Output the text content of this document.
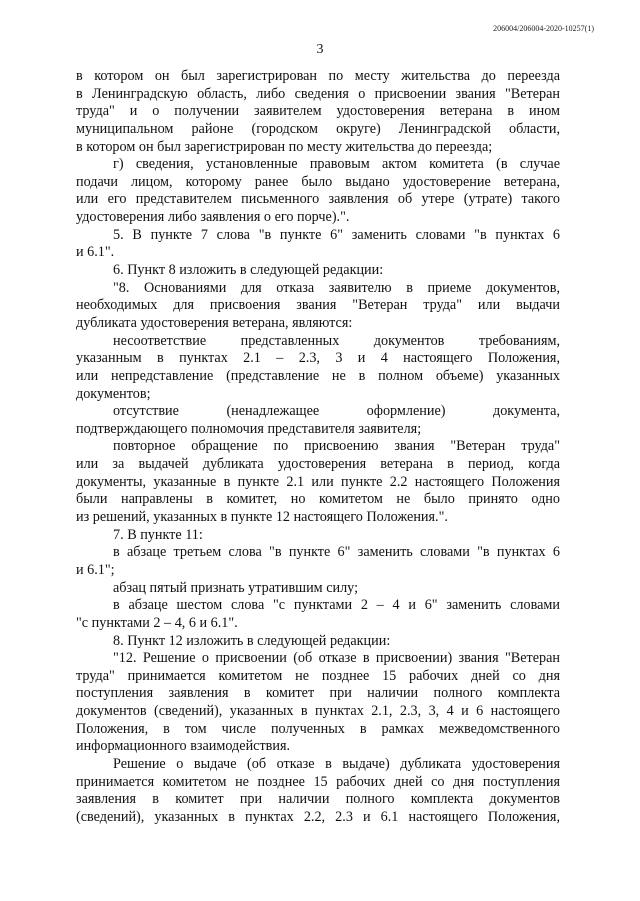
206004/206004-2020-10257(1)
3
в котором он был зарегистрирован по месту жительства до переезда
в Ленинградскую область, либо сведения о присвоении звания "Ветеран
труда" и о получении заявителем удостоверения ветерана в ином
муниципальном районе (городском округе) Ленинградской области,
в котором он был зарегистрирован по месту жительства до переезда;
г) сведения, установленные правовым актом комитета (в случае
подачи лицом, которому ранее было выдано удостоверение ветерана,
или его представителем письменного заявления об утере (утрате) такого
удостоверения либо заявления о его порче).".
5. В пункте 7 слова "в пункте 6" заменить словами "в пунктах 6
и 6.1".
6. Пункт 8 изложить в следующей редакции:
"8. Основаниями для отказа заявителю в приеме документов,
необходимых для присвоения звания "Ветеран труда" или выдачи
дубликата удостоверения ветерана, являются:
несоответствие представленных документов требованиям,
указанным в пунктах 2.1 – 2.3, 3 и 4 настоящего Положения,
или непредставление (представление не в полном объеме) указанных
документов;
отсутствие (ненадлежащее оформление) документа,
подтверждающего полномочия представителя заявителя;
повторное обращение по присвоению звания "Ветеран труда"
или за выдачей дубликата удостоверения ветерана в период, когда
документы, указанные в пункте 2.1 или пункте 2.2 настоящего Положения
были направлены в комитет, но комитетом не было принято одно
из решений, указанных в пункте 12 настоящего Положения.".
7. В пункте 11:
в абзаце третьем слова "в пункте 6" заменить словами "в пунктах 6
и 6.1";
абзац пятый признать утратившим силу;
в абзаце шестом слова "с пунктами 2 – 4 и 6" заменить словами
"с пунктами 2 – 4, 6 и 6.1".
8. Пункт 12 изложить в следующей редакции:
"12. Решение о присвоении (об отказе в присвоении) звания "Ветеран
труда" принимается комитетом не позднее 15 рабочих дней со дня
поступления заявления в комитет при наличии полного комплекта
документов (сведений), указанных в пунктах 2.1, 2.3, 3, 4 и 6 настоящего
Положения, в том числе полученных в рамках межведомственного
информационного взаимодействия.
Решение о выдаче (об отказе в выдаче) дубликата удостоверения
принимается комитетом не позднее 15 рабочих дней со дня поступления
заявления в комитет при наличии полного комплекта документов
(сведений), указанных в пунктах 2.2, 2.3 и 6.1 настоящего Положения,
